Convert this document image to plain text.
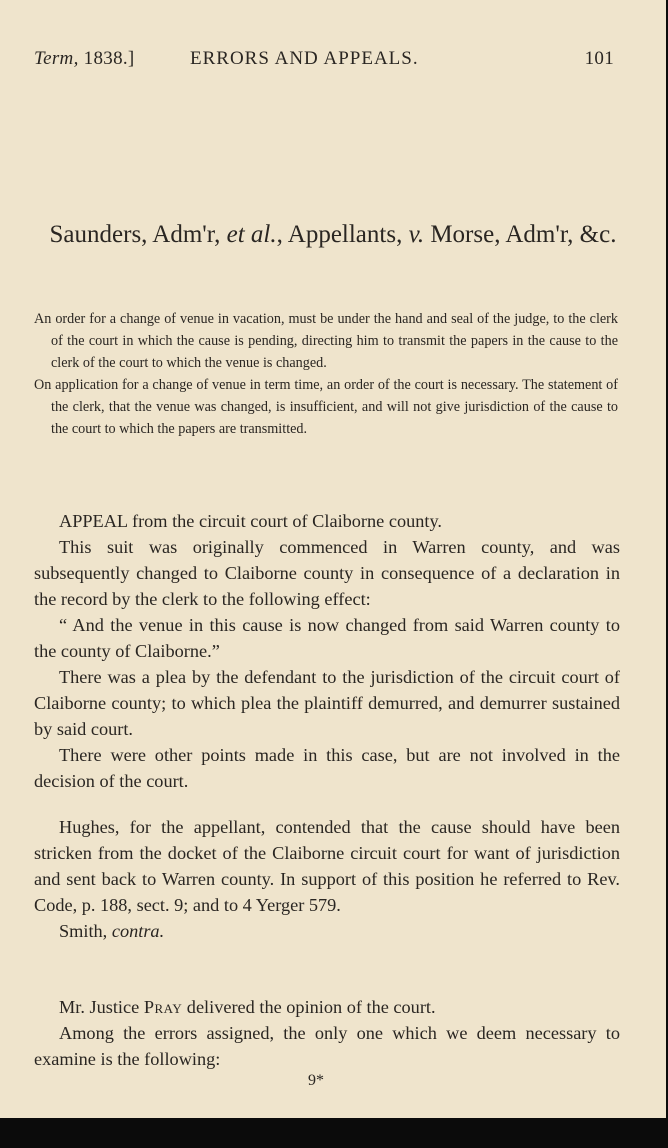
Term, 1838.]	ERRORS AND APPEALS.	101
Saunders, Adm'r, et al., Appellants, v. Morse, Adm'r, &c.

An order for a change of venue in vacation, must be under the hand and seal of the judge, to the clerk of the court in which the cause is pending, directing him to transmit the papers in the cause to the clerk of the court to which the venue is changed.

On application for a change of venue in term time, an order of the court is necessary. The statement of the clerk, that the venue was changed, is insufficient, and will not give jurisdiction of the cause to the court to which the papers are transmitted.

APPEAL from the circuit court of Claiborne county.

This suit was originally commenced in Warren county, and was subsequently changed to Claiborne county in consequence of a declaration in the record by the clerk to the following effect:

“ And the venue in this cause is now changed from said Warren county to the county of Claiborne.”

There was a plea by the defendant to the jurisdiction of the circuit court of Claiborne county; to which plea the plaintiff demurred, and demurrer sustained by said court.

There were other points made in this case, but are not involved in the decision of the court.

Hughes, for the appellant, contended that the cause should have been stricken from the docket of the Claiborne circuit court for want of jurisdiction and sent back to Warren county. In support of this position he referred to Rev. Code, p. 188, sect. 9; and to 4 Yerger 579.

Smith, contra.

Mr. Justice Pray delivered the opinion of the court.

Among the errors assigned, the only one which we deem necessary to examine is the following:

9*
